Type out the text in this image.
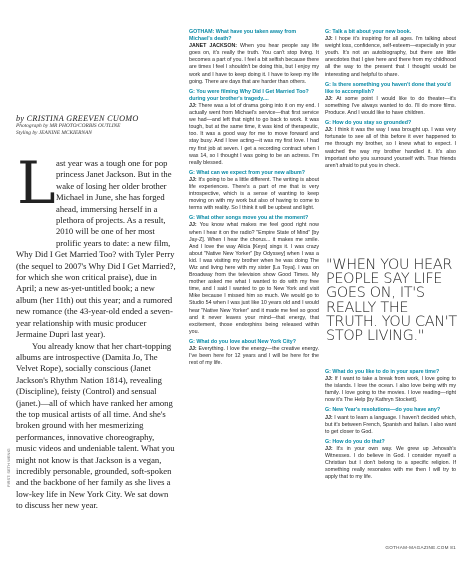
by CRISTINA GREEVEN CUOMO
Photograph by MR PHOTO/CORBIS OUTLINE
Styling by JEANINE MCKIERNAN
L ast year was a tough one for pop princess Janet Jackson. But in the wake of losing her older brother Michael in June, she has forged ahead, immersing herself in a plethora of projects. As a result, 2010 will be one of her most prolific years to date: a new film, Why Did I Get Married Too? with Tyler Perry (the sequel to 2007's Why Did I Get Married?, for which she won critical praise), due in April; a new as-yet-untitled book; a new album (her 11th) out this year; and a rumored new romance (the 43-year-old ended a seven-year relationship with music producer Jermaine Dupri last year).

You already know that her chart-topping albums are introspective (Damita Jo, The Velvet Rope), socially conscious (Janet Jackson's Rhythm Nation 1814), revealing (Discipline), feisty (Control) and sensual (janet.)—all of which have ranked her among the top musical artists of all time. And she's broken ground with her mesmerizing performances, innovative choreography, music videos and undeniable talent. What you might not know is that Jackson is a vegan, incredibly personable, grounded, soft-spoken and the backbone of her family as she lives a low-key life in New York City. We sat down to discuss her new year.

FIRST: SETH WENIG
GOTHAM: What have you taken away from Michael's death?
JANET JACKSON: When you hear people say life goes on, it's really the truth. You can't stop living. It becomes a part of you. I feel a bit selfish because there are times I feel I shouldn't be doing this, but I enjoy my work and I have to keep doing it. I have to keep my life going. There are days that are harder than others.
G: You were filming Why Did I Get Married Too? during your brother's tragedy....
JJ: There was a lot of drama going into it on my end. I actually went from Michael's service—that first service we had—and left that night to go back to work. It was tough, but at the same time, it was kind of therapeutic, too. It was a good way for me to move forward and stay busy. And I love acting—it was my first love. I had my first job at seven. I get a recording contract when I was 14, so I thought I was going to be an actress. I'm really blessed.
G: What can we expect from your new album?
JJ: It's going to be a little different. The writing is about life experiences. There's a part of me that is very introspective, which is a sense of wanting to keep moving on with my work but also of having to come to terms with reality. So I think it will be upbeat and light.
G: What other songs move you at the moment?
JJ: You know what makes me feel good right now when I hear it on the radio? "Empire State of Mind" [by Jay-Z]. When I hear the chorus... it makes me smile. And I love the way Alicia [Keys] sings it. I was crazy about "Native New Yorker" [by Odyssey] when I was a kid. I was visiting my brother when he was doing The Wiz and living here with my sister [La Toya]. I was on Broadway from the television show Good Times. My mother asked me what I wanted to do with my free time, and I said I wanted to go to New York and visit Mike because I missed him so much. We would go to Studio 54 when I was just like 10 years old and I would hear "Native New Yorker" and it made me feel so good and it never leaves your mind—that energy, that excitement, those endorphins being released within you.
G: What do you love about New York City?
JJ: Everything. I love the energy—the creative energy. I've been here for 12 years and I will be here for the rest of my life.
G: Talk a bit about your new book.
JJ: I hope it's inspiring for all ages. I'm talking about weight loss, confidence, self-esteem—especially in your youth. It's not an autobiography, but there are little anecdotes that I give here and there from my childhood all the way to the present that I thought would be interesting and helpful to share.
G: Is there something you haven't done that you'd like to accomplish?
JJ: At some point I would like to do theater—it's something I've always wanted to do. I'll do more films. Produce. And I would like to have children.
G: How do you stay so grounded?
JJ: I think it was the way I was brought up. I was very fortunate to see all of this before it ever happened to me through my brother, so I knew what to expect. I watched the way my brother handled it. It's also important who you surround yourself with. True friends aren't afraid to put you in check.
"WHEN YOU HEAR PEOPLE SAY LIFE GOES ON, IT'S REALLY THE TRUTH. YOU CAN'T STOP LIVING."
G: What do you like to do in your spare time?
JJ: If I want to take a break from work, I love going to the islands. I love the ocean. I also love being with my family. I love going to the movies. I love reading—right now it's The Help [by Kathryn Stockett].
G: New Year's resolutions—do you have any?
JJ: I want to learn a language. I haven't decided which, but it's between French, Spanish and Italian. I also want to get closer to God.
G: How do you do that?
JJ: It's in your own way. We grew up Jehovah's Witnesses. I do believe in God. I consider myself a Christian but I don't belong to a specific religion. If something really resonates with me then I will try to apply that to my life.
GOTHAM-MAGAZINE.COM 81
